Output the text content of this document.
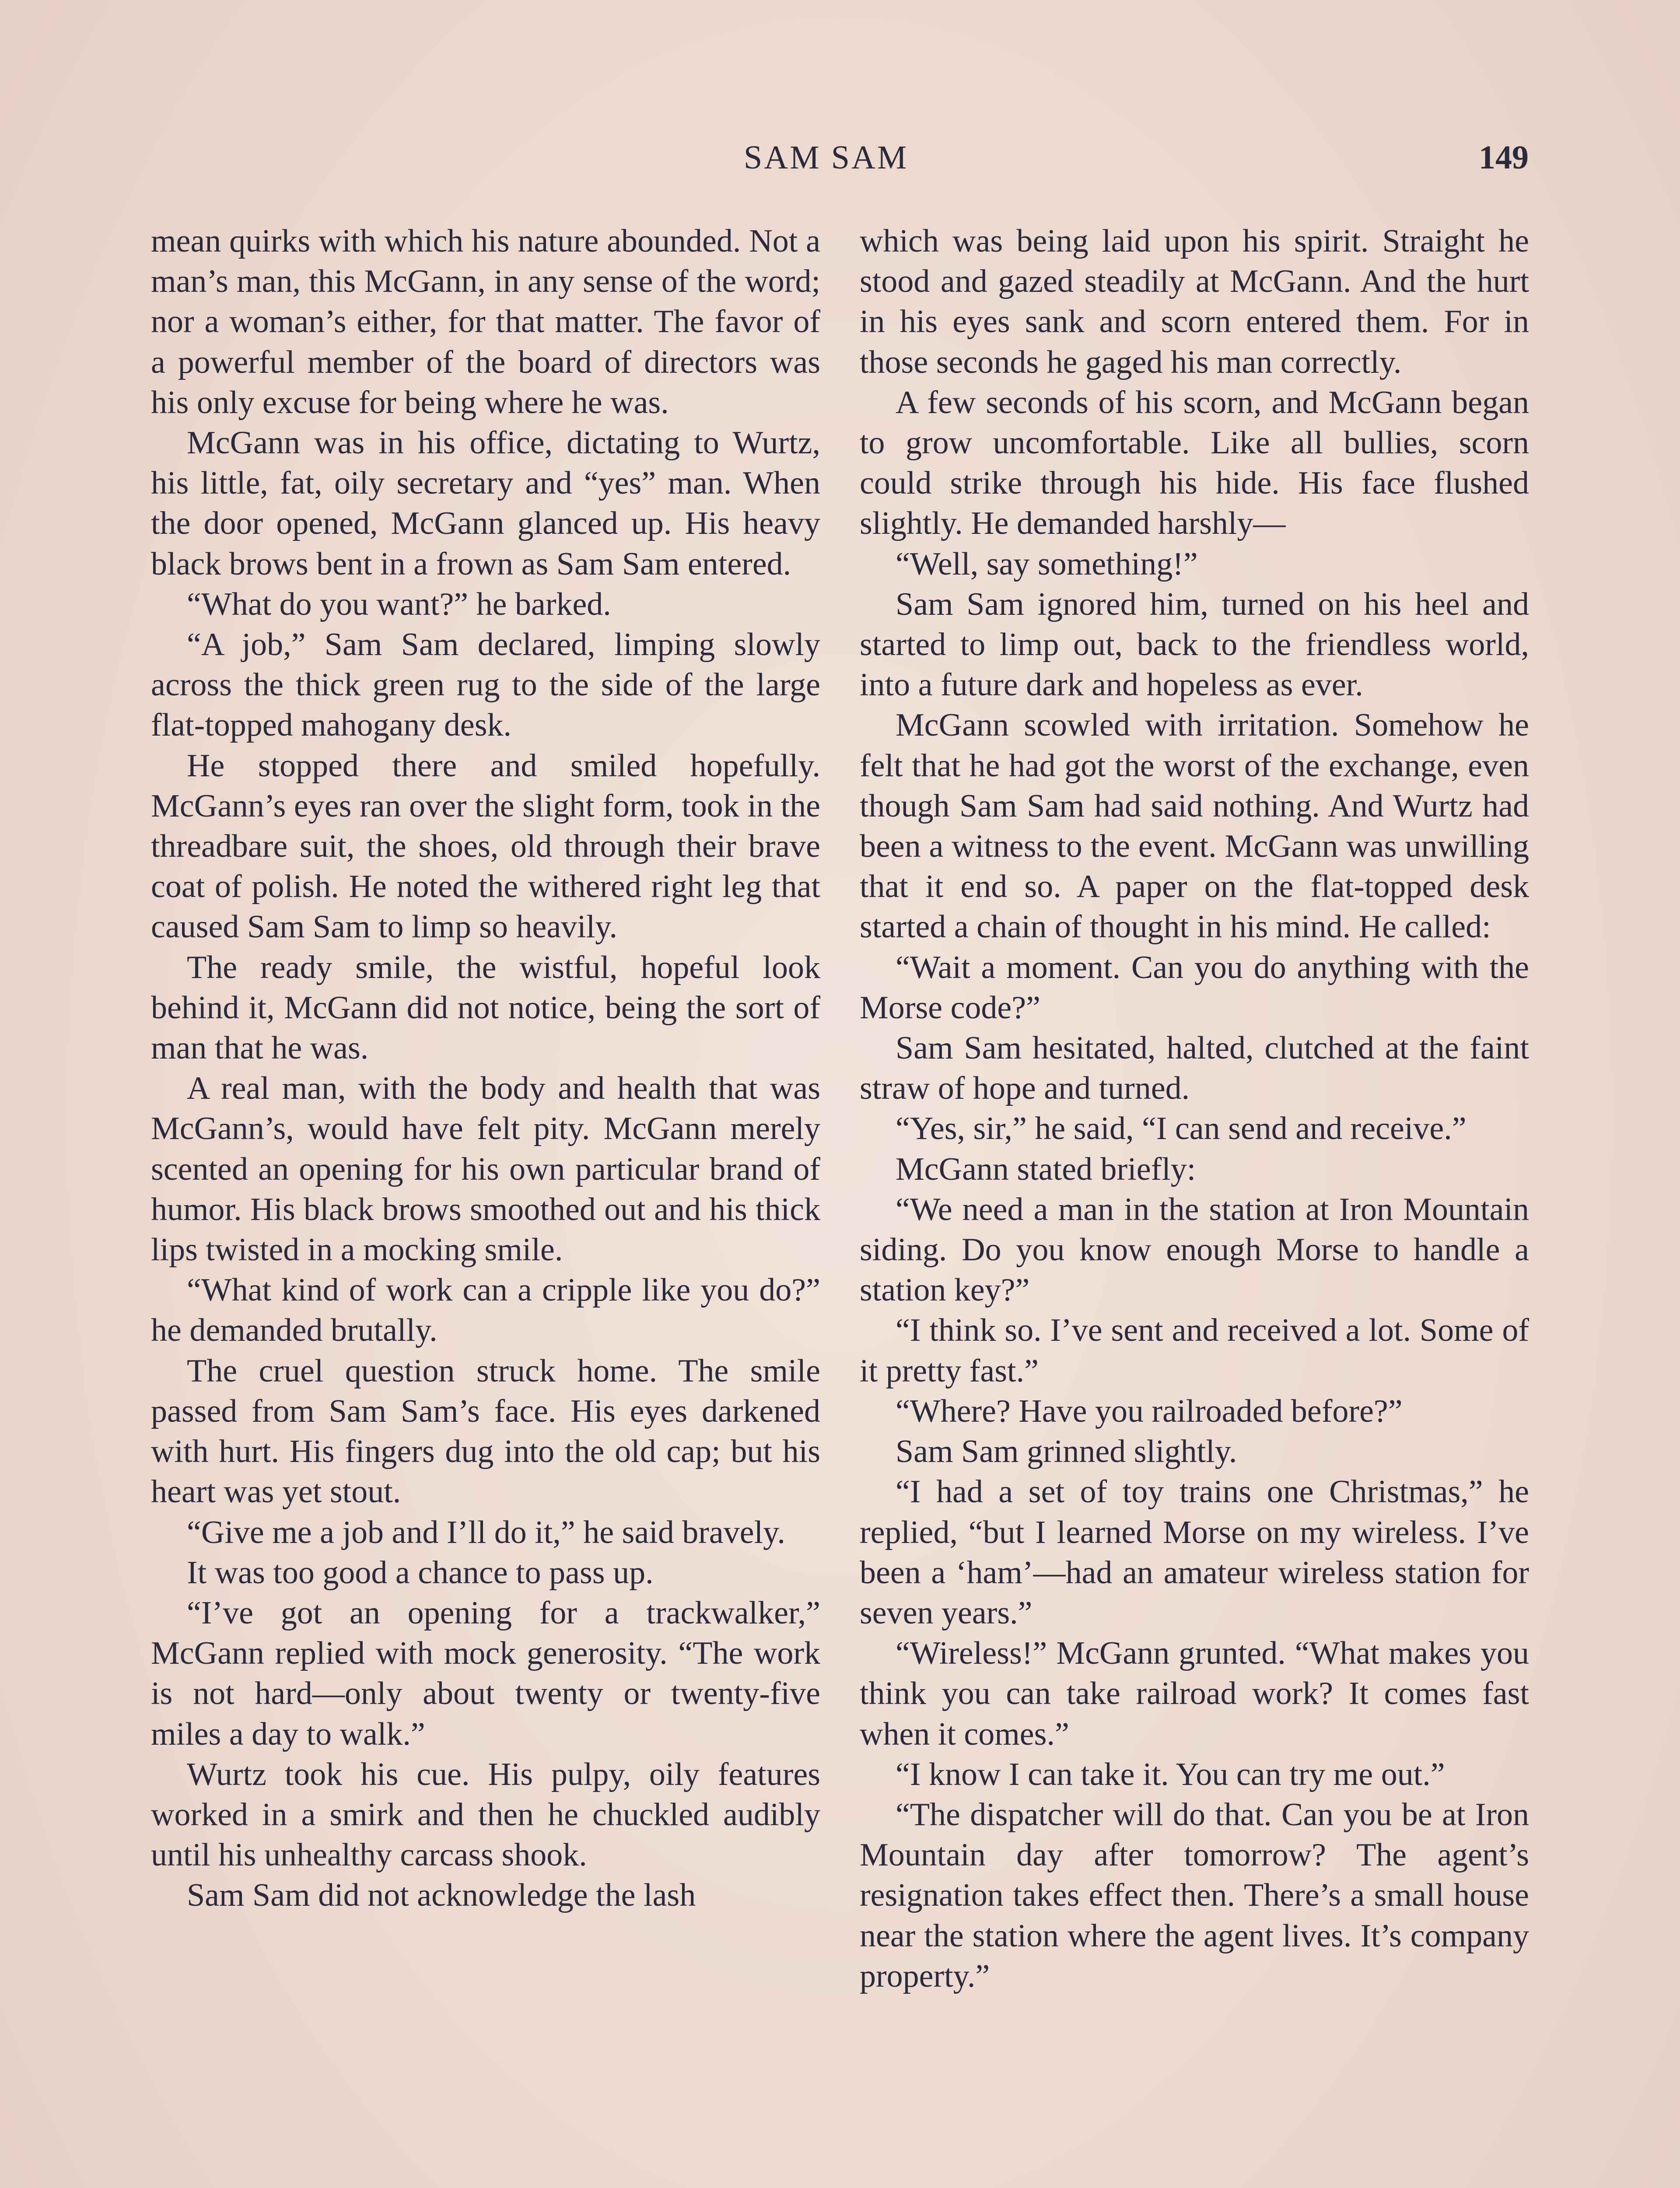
SAM SAM	149

mean quirks with which his nature abounded. Not a man’s man, this McGann, in any sense of the word; nor a woman’s either, for that matter. The favor of a powerful member of the board of directors was his only excuse for being where he was.

McGann was in his office, dictating to Wurtz, his little, fat, oily secretary and “yes” man. When the door opened, McGann glanced up. His heavy black brows bent in a frown as Sam Sam entered.

“What do you want?” he barked.

“A job,” Sam Sam declared, limping slowly across the thick green rug to the side of the large flat-topped mahogany desk.

He stopped there and smiled hopefully. McGann’s eyes ran over the slight form, took in the threadbare suit, the shoes, old through their brave coat of polish. He noted the withered right leg that caused Sam Sam to limp so heavily.

The ready smile, the wistful, hopeful look behind it, McGann did not notice, being the sort of man that he was.

A real man, with the body and health that was McGann’s, would have felt pity. McGann merely scented an opening for his own particular brand of humor. His black brows smoothed out and his thick lips twisted in a mocking smile.

“What kind of work can a cripple like you do?” he demanded brutally.

The cruel question struck home. The smile passed from Sam Sam’s face. His eyes darkened with hurt. His fingers dug into the old cap; but his heart was yet stout.

“Give me a job and I’ll do it,” he said bravely.

It was too good a chance to pass up.

“I’ve got an opening for a trackwalker,” McGann replied with mock generosity. “The work is not hard—only about twenty or twenty-five miles a day to walk.”

Wurtz took his cue. His pulpy, oily features worked in a smirk and then he chuckled audibly until his unhealthy carcass shook.

Sam Sam did not acknowledge the lash

which was being laid upon his spirit. Straight he stood and gazed steadily at McGann. And the hurt in his eyes sank and scorn entered them. For in those seconds he gaged his man correctly.

A few seconds of his scorn, and McGann began to grow uncomfortable. Like all bullies, scorn could strike through his hide. His face flushed slightly. He demanded harshly—

“Well, say something!”

Sam Sam ignored him, turned on his heel and started to limp out, back to the friendless world, into a future dark and hopeless as ever.

McGann scowled with irritation. Somehow he felt that he had got the worst of the exchange, even though Sam Sam had said nothing. And Wurtz had been a witness to the event. McGann was unwilling that it end so. A paper on the flat-topped desk started a chain of thought in his mind. He called:

“Wait a moment. Can you do anything with the Morse code?”

Sam Sam hesitated, halted, clutched at the faint straw of hope and turned.

“Yes, sir,” he said, “I can send and receive.”

McGann stated briefly:

“We need a man in the station at Iron Mountain siding. Do you know enough Morse to handle a station key?”

“I think so. I’ve sent and received a lot. Some of it pretty fast.”

“Where? Have you railroaded before?”

Sam Sam grinned slightly.

“I had a set of toy trains one Christmas,” he replied, “but I learned Morse on my wireless. I’ve been a ‘ham’—had an amateur wireless station for seven years.”

“Wireless!” McGann grunted. “What makes you think you can take railroad work? It comes fast when it comes.”

“I know I can take it. You can try me out.”

“The dispatcher will do that. Can you be at Iron Mountain day after tomorrow? The agent’s resignation takes effect then. There’s a small house near the station where the agent lives. It’s company property.”
